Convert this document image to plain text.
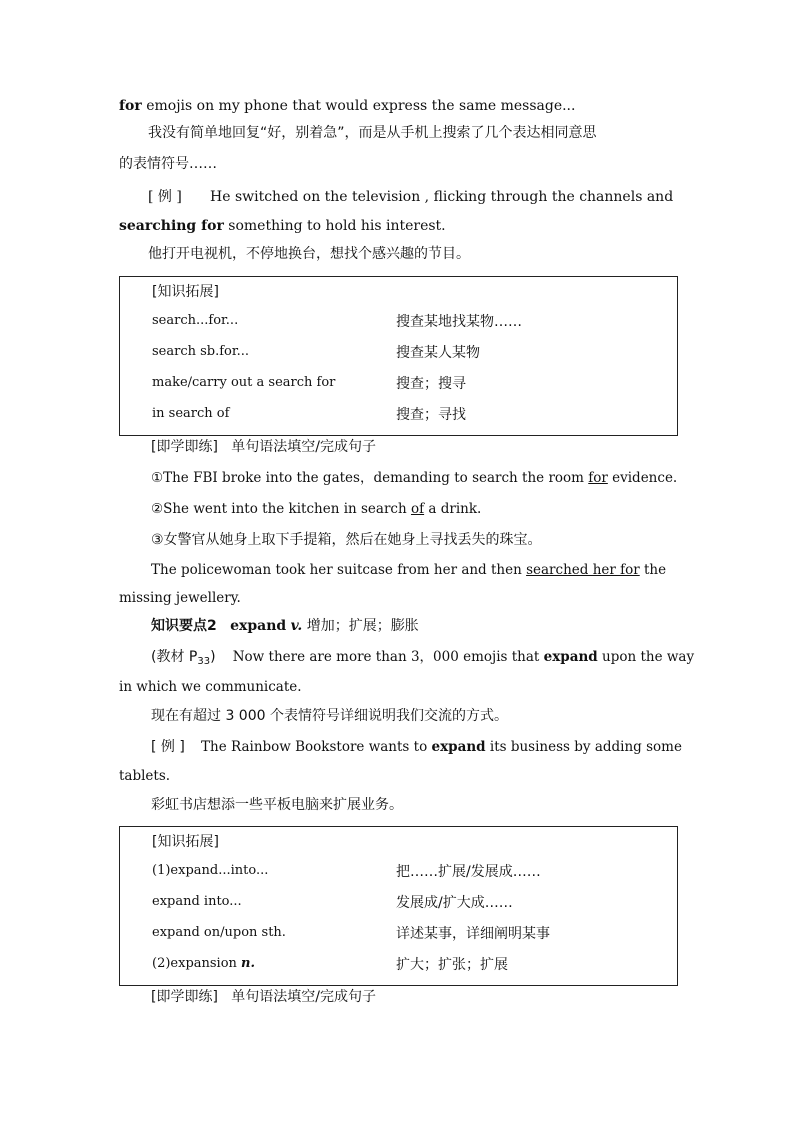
for emojis on my phone that would express the same message...
我没有简单地回复“好，别着急”，而是从手机上搜索了几个表达相同意思
的表情符号……
[ 例 ] He switched on the television , flicking through the channels and
searching for something to hold his interest.
他打开电视机，不停地换台，想找个感兴趣的节目。
[知识拓展]
search...for...	搜查某地找某物……
search sb.for...	搜查某人某物
make/carry out a search for	搜查；搜寻
in search of	搜查；寻找
[即学即练] 单句语法填空/完成句子
①The FBI broke into the gates，demanding to search the room for evidence.
②She went into the kitchen in search of a drink.
③女警官从她身上取下手提箱，然后在她身上寻找丢失的珠宝。
The policewoman took her suitcase from her and then searched her for the
missing jewellery.
知识要点2 expand v. 增加；扩展；膨胀
(教材 $P_{33}$) Now there are more than 3，000 emojis that expand upon the way
in which we communicate.
现在有超过 3 000 个表情符号详细说明我们交流的方式。
[ 例 ] The Rainbow Bookstore wants to expand its business by adding some
tablets.
彩虹书店想添一些平板电脑来扩展业务。
[知识拓展]
(1)expand...into...	把……扩展/发展成……
expand into...	发展成/扩大成……
expand on/upon sth.	详述某事，详细阐明某事
(2)expansion n.	扩大；扩张；扩展
[即学即练] 单句语法填空/完成句子
